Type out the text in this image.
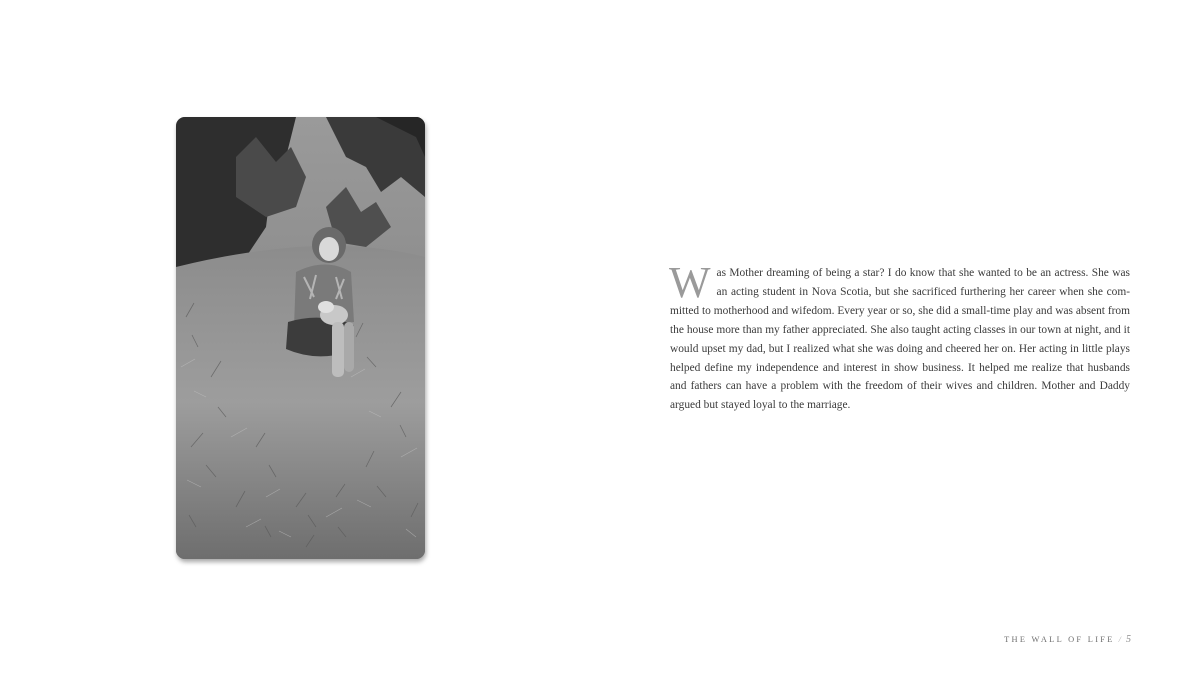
Was Mother dreaming of being a star? I do know that she wanted to be an actress. She was an acting student in Nova Scotia, but she sacrificed furthering her career when she com-mitted to motherhood and wifedom. Every year or so, she did a small-time play and was absent from the house more than my father appreciated. She also taught acting classes in our town at night, and it would upset my dad, but I realized what she was doing and cheered her on. Her acting in little plays helped define my independence and interest in show business. It helped me realize that husbands and fathers can have a problem with the freedom of their wives and children. Mother and Daddy argued but stayed loyal to the marriage.

THE WALL OF LIFE / 5
